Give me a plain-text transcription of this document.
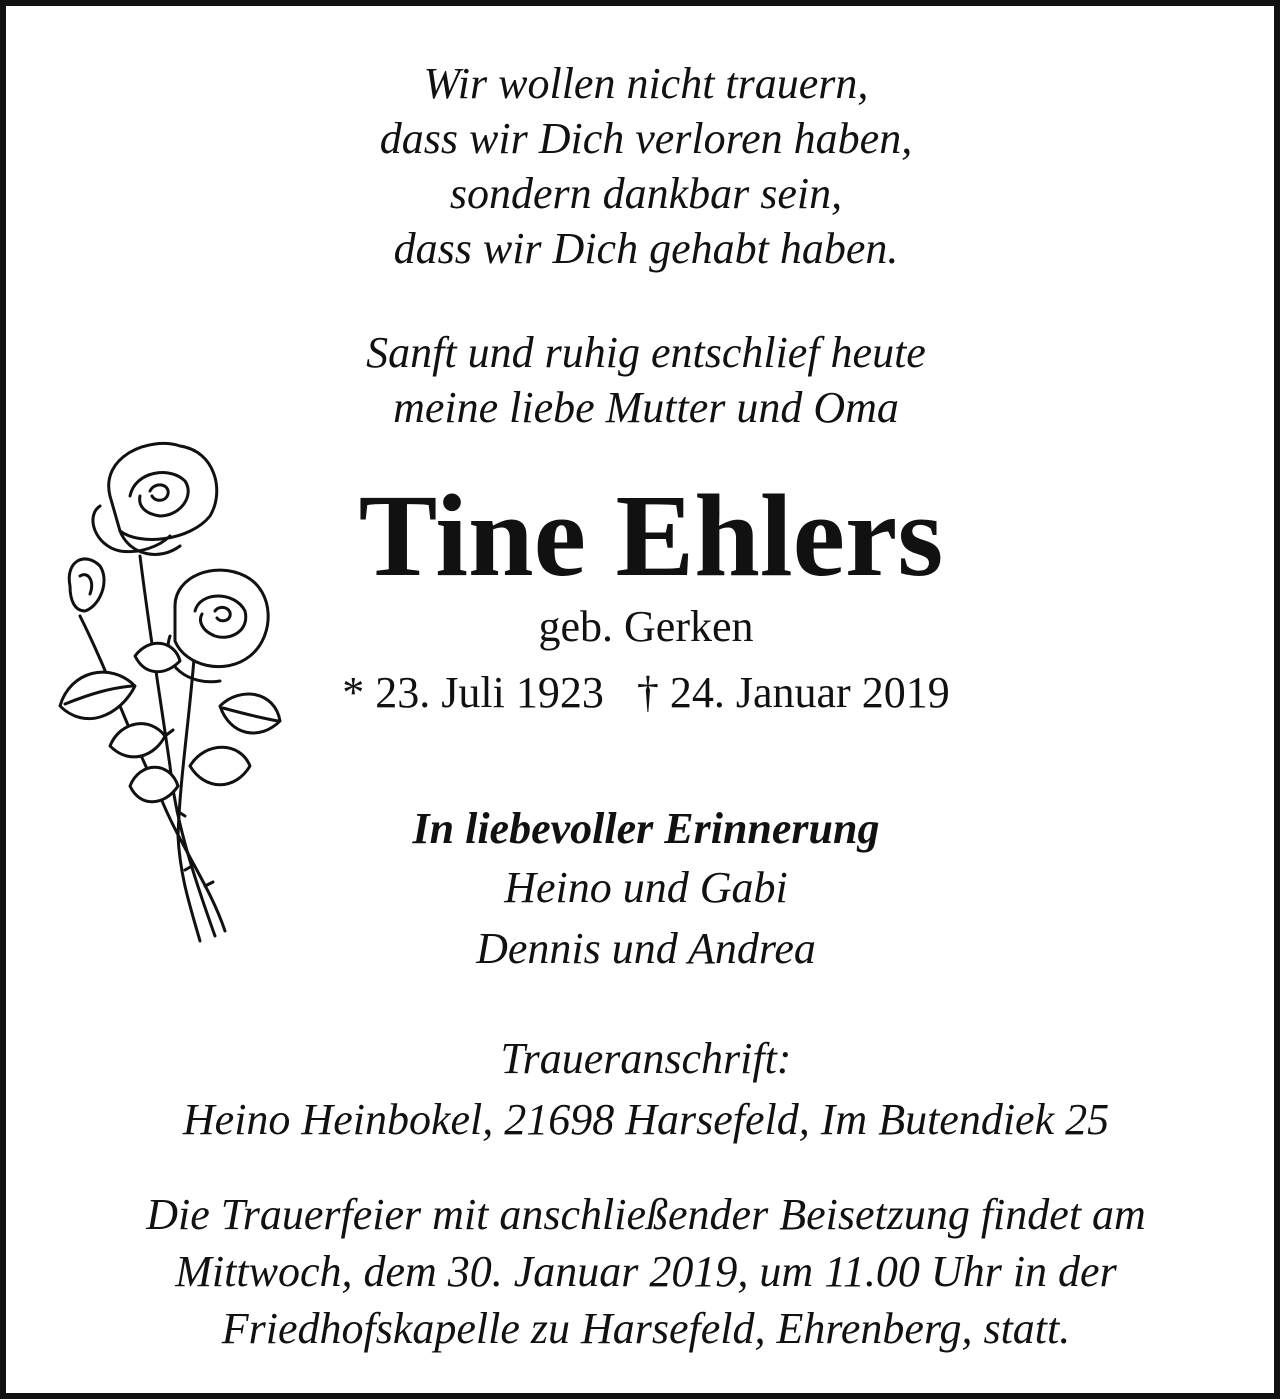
Wir wollen nicht trauern,

dass wir Dich verloren haben,

sondern dankbar sein,

dass wir Dich gehabt haben.

Sanft und ruhig entschlief heute

meine liebe Mutter und Oma

Tine Ehlers

geb. Gerken

* 23. Juli 1923   † 24. Januar 2019

In liebevoller Erinnerung

Heino und Gabi

Dennis und Andrea

Traueranschrift:

Heino Heinbokel, 21698 Harsefeld, Im Butendiek 25

Die Trauerfeier mit anschließender Beisetzung findet am

Mittwoch, dem 30. Januar 2019, um 11.00 Uhr in der

Friedhofskapelle zu Harsefeld, Ehrenberg, statt.
